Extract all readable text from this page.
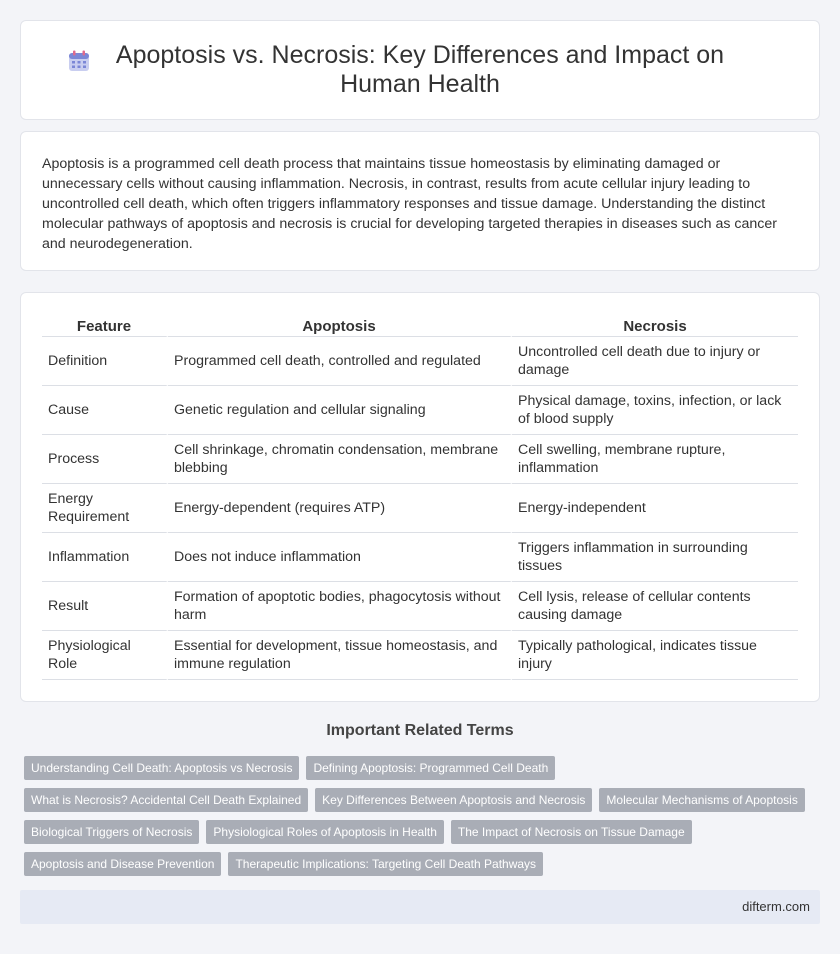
Apoptosis vs. Necrosis: Key Differences and Impact on Human Health

Apoptosis is a programmed cell death process that maintains tissue homeostasis by eliminating damaged or unnecessary cells without causing inflammation. Necrosis, in contrast, results from acute cellular injury leading to uncontrolled cell death, which often triggers inflammatory responses and tissue damage. Understanding the distinct molecular pathways of apoptosis and necrosis is crucial for developing targeted therapies in diseases such as cancer and neurodegeneration.

Feature	Apoptosis	Necrosis
Definition	Programmed cell death, controlled and regulated	Uncontrolled cell death due to injury or damage
Cause	Genetic regulation and cellular signaling	Physical damage, toxins, infection, or lack of blood supply
Process	Cell shrinkage, chromatin condensation, membrane blebbing	Cell swelling, membrane rupture, inflammation
Energy Requirement	Energy-dependent (requires ATP)	Energy-independent
Inflammation	Does not induce inflammation	Triggers inflammation in surrounding tissues
Result	Formation of apoptotic bodies, phagocytosis without harm	Cell lysis, release of cellular contents causing damage
Physiological Role	Essential for development, tissue homeostasis, and immune regulation	Typically pathological, indicates tissue injury
Important Related Terms
Understanding Cell Death: Apoptosis vs Necrosis	Defining Apoptosis: Programmed Cell Death
What is Necrosis? Accidental Cell Death Explained	Key Differences Between Apoptosis and Necrosis	Molecular Mechanisms of Apoptosis
Biological Triggers of Necrosis	Physiological Roles of Apoptosis in Health	The Impact of Necrosis on Tissue Damage
Apoptosis and Disease Prevention	Therapeutic Implications: Targeting Cell Death Pathways
difterm.com
